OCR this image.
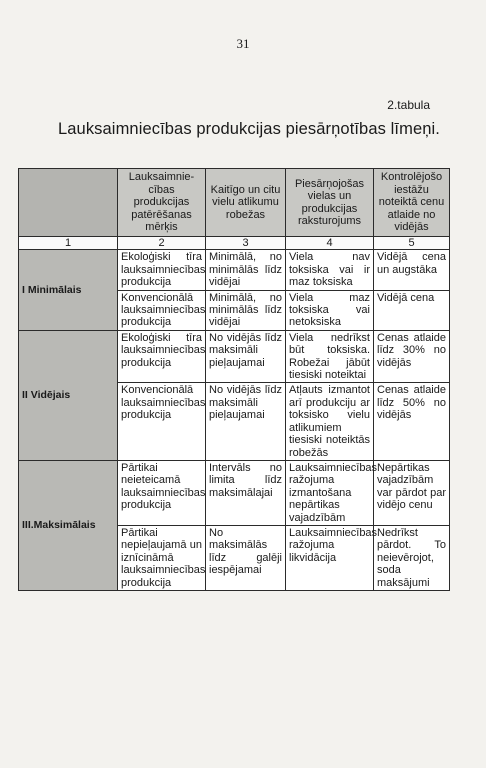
31
2.tabula
Lauksaimniecības produkcijas piesārņotības līmeņi.
	Lauksaimnie-cības produkcijas patērēšanas mērķis	Kaitīgo un citu vielu atlikumu robežas	Piesārņojošas vielas un produkcijas raksturojums	Kontrolējošo iestāžu noteiktā cenu atlaide no vidējās
1	2	3	4	5
I Minimālais	Ekoloģiski tīra lauksaimniecības produkcija	Minimālā, no minimālās līdz vidējai	Viela nav toksiska vai ir maz toksiska	Vidējā cena un augstāka
	Konvencionālā lauksaimniecības produkcija	Minimālā, no minimālās līdz vidējai	Viela maz toksiska vai netoksiska	Vidējā cena
II Vidējais	Ekoloģiski tīra lauksaimniecības produkcija	No vidējās līdz maksimāli pieļaujamai	Viela nedrīkst būt toksiska. Robežai jābūt tiesiski noteiktai	Cenas atlaide līdz 30% no vidējās
	Konvencionālā lauksaimniecības produkcija	No vidējās līdz maksimāli pieļaujamai	Atļauts izmantot arī produkciju ar toksisko vielu atlikumiem tiesiski noteiktās robežās	Cenas atlaide līdz 50% no vidējās
III.Maksimālais	Pārtikai neieteicamā lauksaimniecības produkcija	Intervāls no limita līdz maksimālajai	Lauksaimniecības ražojuma izmantošana nepārtikas vajadzībām	Nepārtikas vajadzībām var pārdot par vidējo cenu
	Pārtikai nepieļaujamā un iznīcināmā lauksaimniecības produkcija	No maksimālās līdz galēji iespējamai	Lauksaimniecības ražojuma likvidācija	Nedrīkst pārdot. To neievērojot, soda maksājumi
